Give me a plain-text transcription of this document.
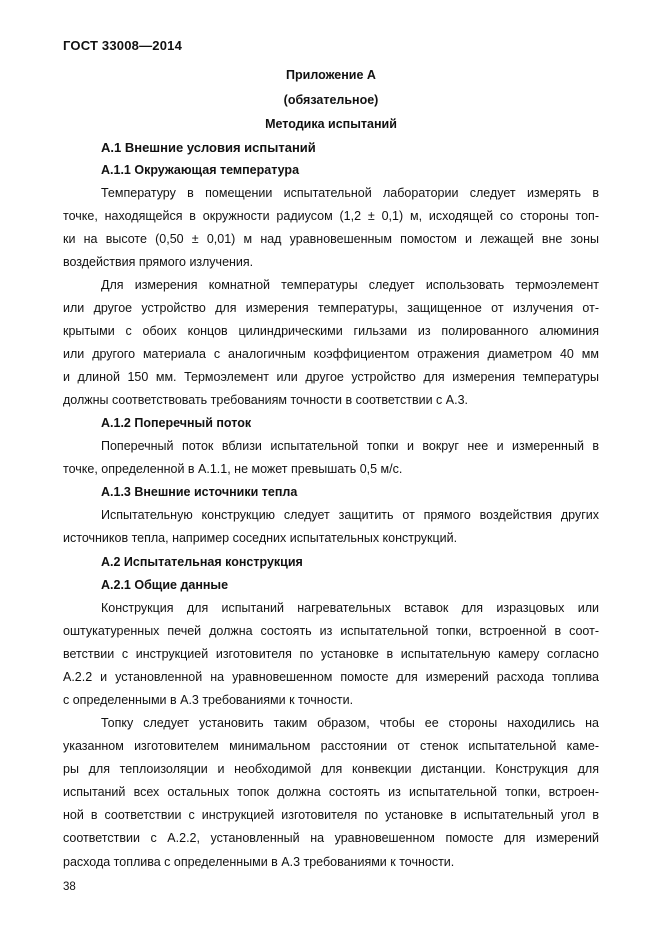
ГОСТ 33008—2014
Приложение А
(обязательное)
Методика испытаний
А.1 Внешние условия испытаний
А.1.1 Окружающая температура
Температуру в помещении испытательной лаборатории следует измерять в
точке, находящейся в окружности радиусом (1,2 ± 0,1) м, исходящей со стороны топ-
ки на высоте (0,50 ± 0,01) м над уравновешенным помостом и лежащей вне зоны
воздействия прямого излучения.
Для измерения комнатной температуры следует использовать термоэлемент
или другое устройство для измерения температуры, защищенное от излучения от-
крытыми с обоих концов цилиндрическими гильзами из полированного алюминия
или другого материала с аналогичным коэффициентом отражения диаметром 40 мм
и длиной 150 мм. Термоэлемент или другое устройство для измерения температуры
должны соответствовать требованиям точности в соответствии с А.3.
А.1.2 Поперечный поток
Поперечный поток вблизи испытательной топки и вокруг нее и измеренный в
точке, определенной в А.1.1, не может превышать 0,5 м/с.
А.1.3 Внешние источники тепла
Испытательную конструкцию следует защитить от прямого воздействия других
источников тепла, например соседних испытательных конструкций.
А.2 Испытательная конструкция
А.2.1 Общие данные
Конструкция для испытаний нагревательных вставок для изразцовых или
оштукатуренных печей должна состоять из испытательной топки, встроенной в соот-
ветствии с инструкцией изготовителя по установке в испытательную камеру согласно
А.2.2 и установленной на уравновешенном помосте для измерений расхода топлива
с определенными в А.3 требованиями к точности.
Топку следует установить таким образом, чтобы ее стороны находились на
указанном изготовителем минимальном расстоянии от стенок испытательной каме-
ры для теплоизоляции и необходимой для конвекции дистанции. Конструкция для
испытаний всех остальных топок должна состоять из испытательной топки, встроен-
ной в соответствии с инструкцией изготовителя по установке в испытательный угол в
соответствии с А.2.2, установленный на уравновешенном помосте для измерений
расхода топлива с определенными в А.3 требованиями к точности.
38
